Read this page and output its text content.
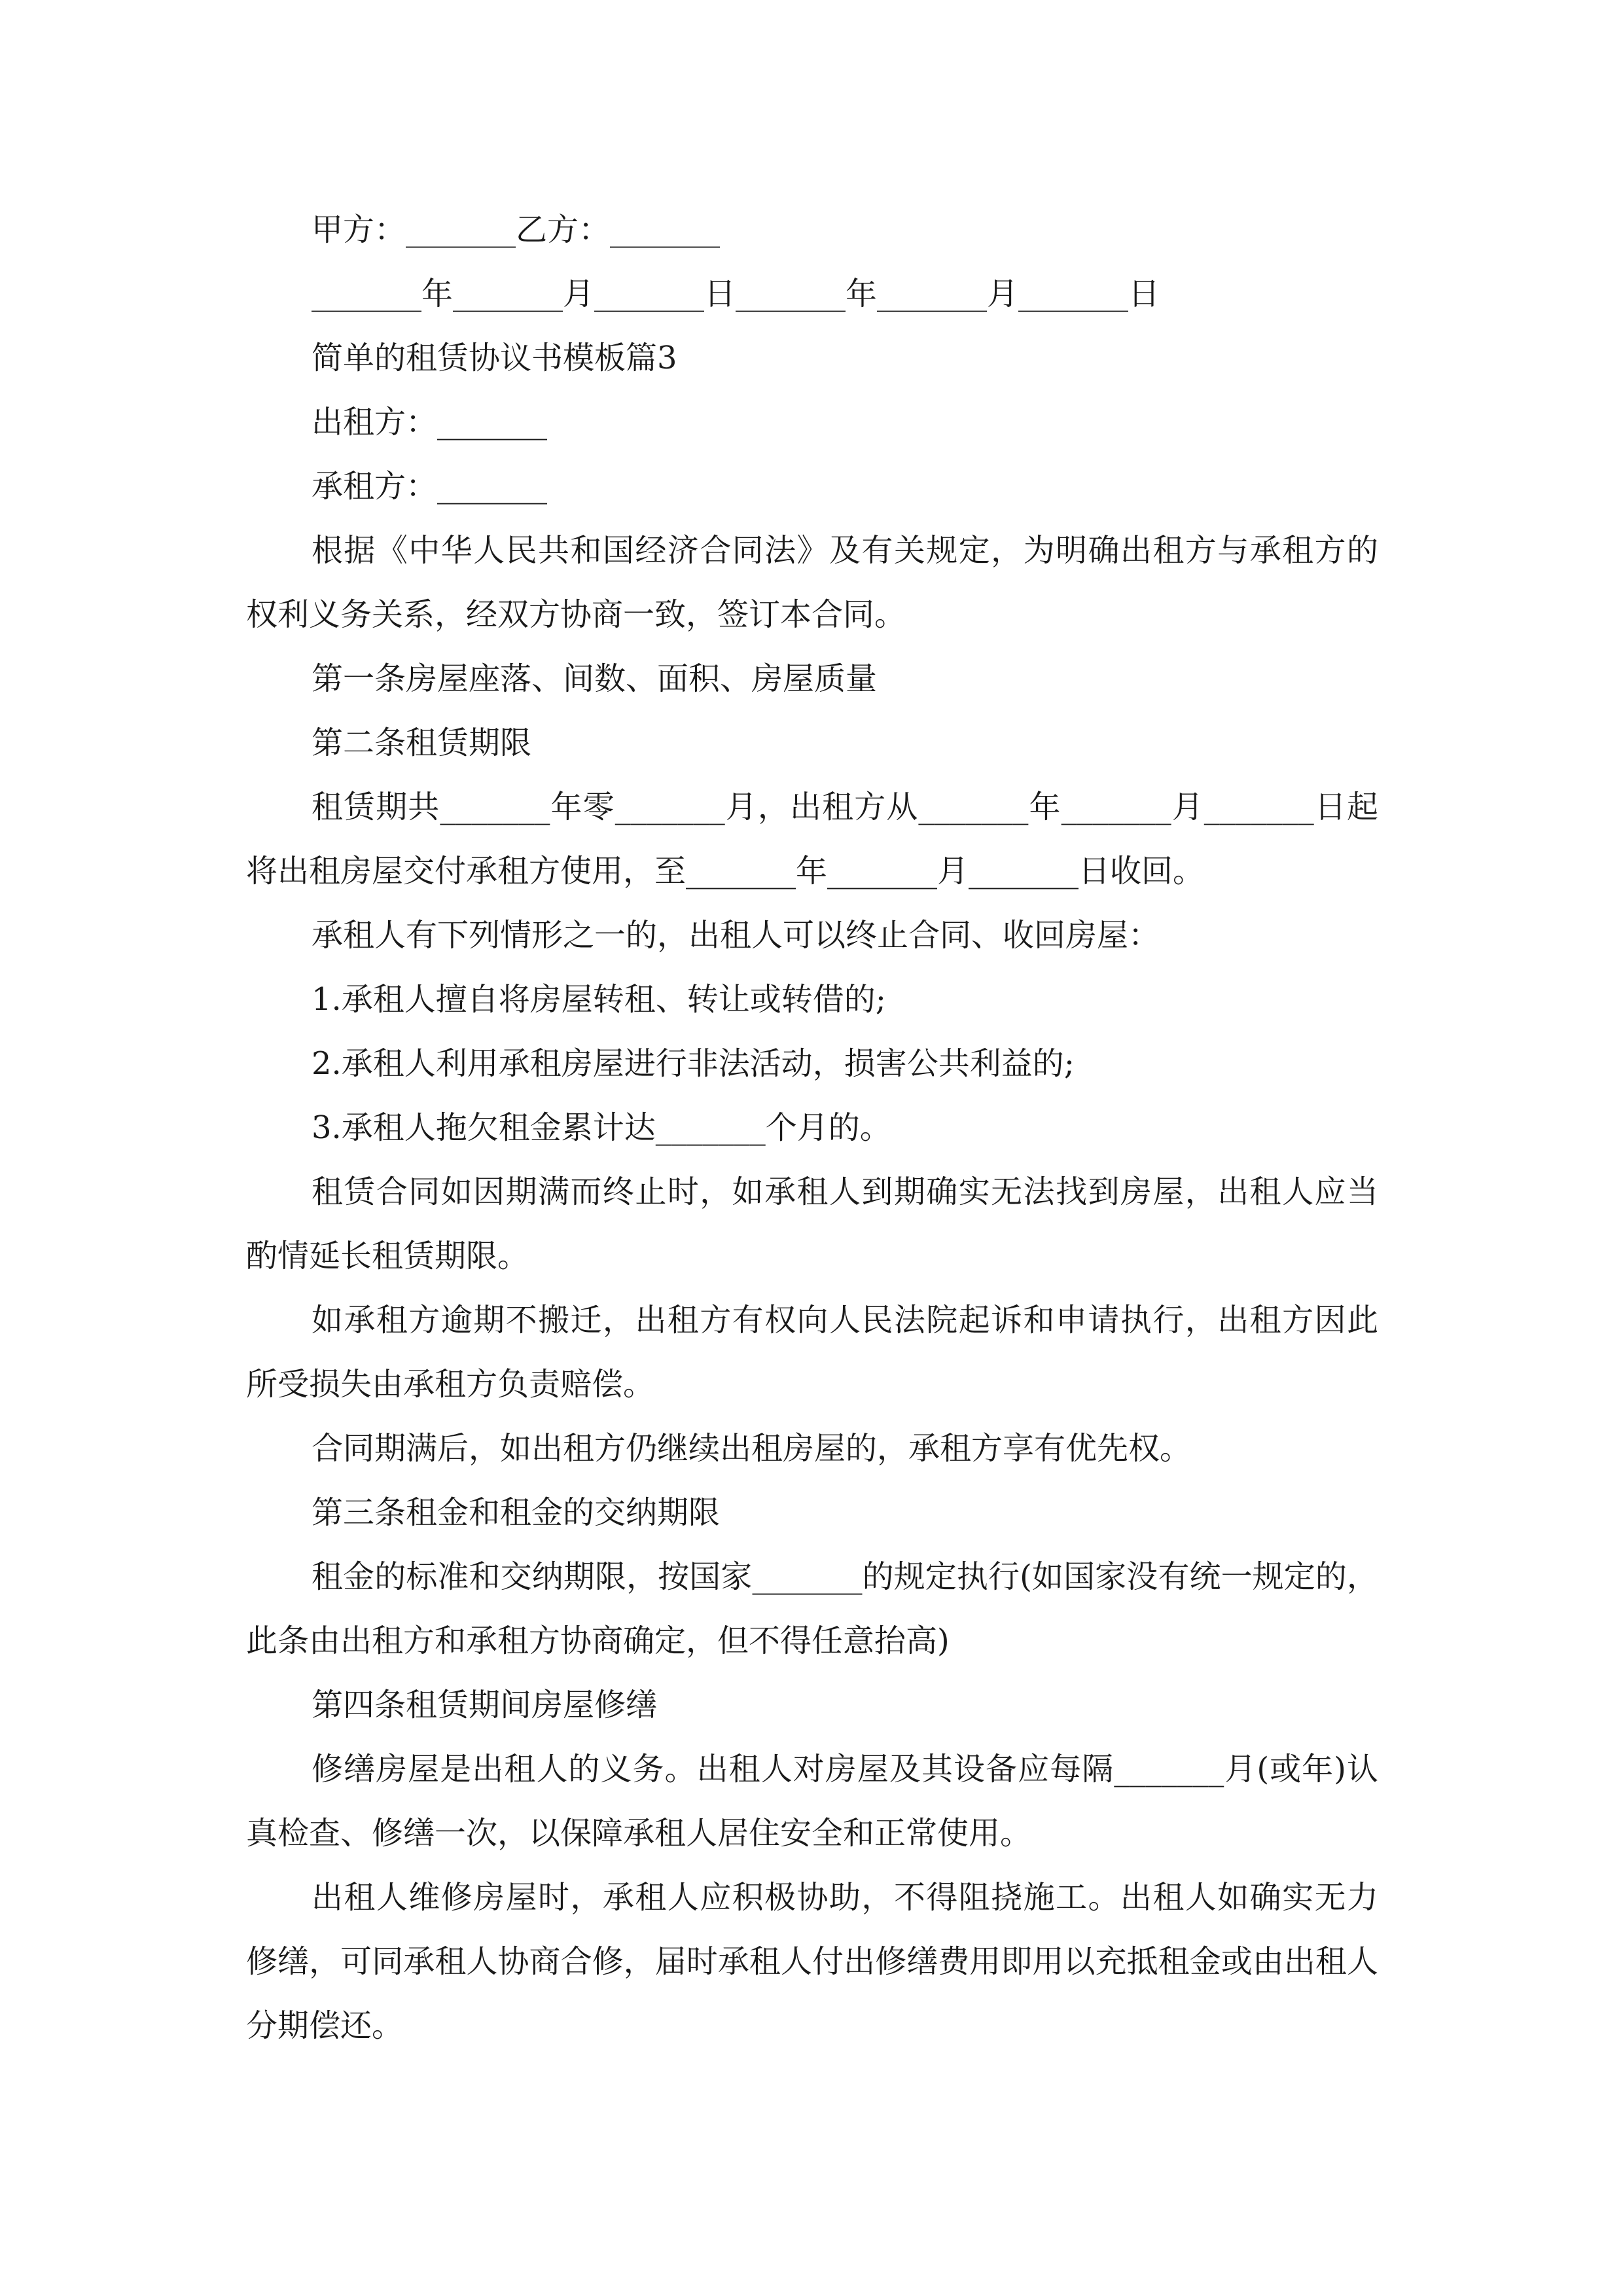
甲方：_______乙方：_______

_______年_______月_______日_______年_______月_______日

简单的租赁协议书模板篇3

出租方：_______

承租方：_______

根据《中华人民共和国经济合同法》及有关规定，为明确出租方与承租方的权利义务关系，经双方协商一致，签订本合同。

第一条房屋座落、间数、面积、房屋质量

第二条租赁期限

租赁期共_______年零_______月，出租方从_______年_______月_______日起将出租房屋交付承租方使用，至_______年_______月_______日收回。

承租人有下列情形之一的，出租人可以终止合同、收回房屋：

1.承租人擅自将房屋转租、转让或转借的;

2.承租人利用承租房屋进行非法活动，损害公共利益的;

3.承租人拖欠租金累计达_______个月的。

租赁合同如因期满而终止时，如承租人到期确实无法找到房屋，出租人应当酌情延长租赁期限。

如承租方逾期不搬迁，出租方有权向人民法院起诉和申请执行，出租方因此所受损失由承租方负责赔偿。

合同期满后，如出租方仍继续出租房屋的，承租方享有优先权。

第三条租金和租金的交纳期限

租金的标准和交纳期限，按国家_______的规定执行(如国家没有统一规定的，此条由出租方和承租方协商确定，但不得任意抬高)

第四条租赁期间房屋修缮

修缮房屋是出租人的义务。出租人对房屋及其设备应每隔_______月(或年)认真检查、修缮一次，以保障承租人居住安全和正常使用。

出租人维修房屋时，承租人应积极协助，不得阻挠施工。出租人如确实无力修缮，可同承租人协商合修，届时承租人付出修缮费用即用以充抵租金或由出租人分期偿还。
